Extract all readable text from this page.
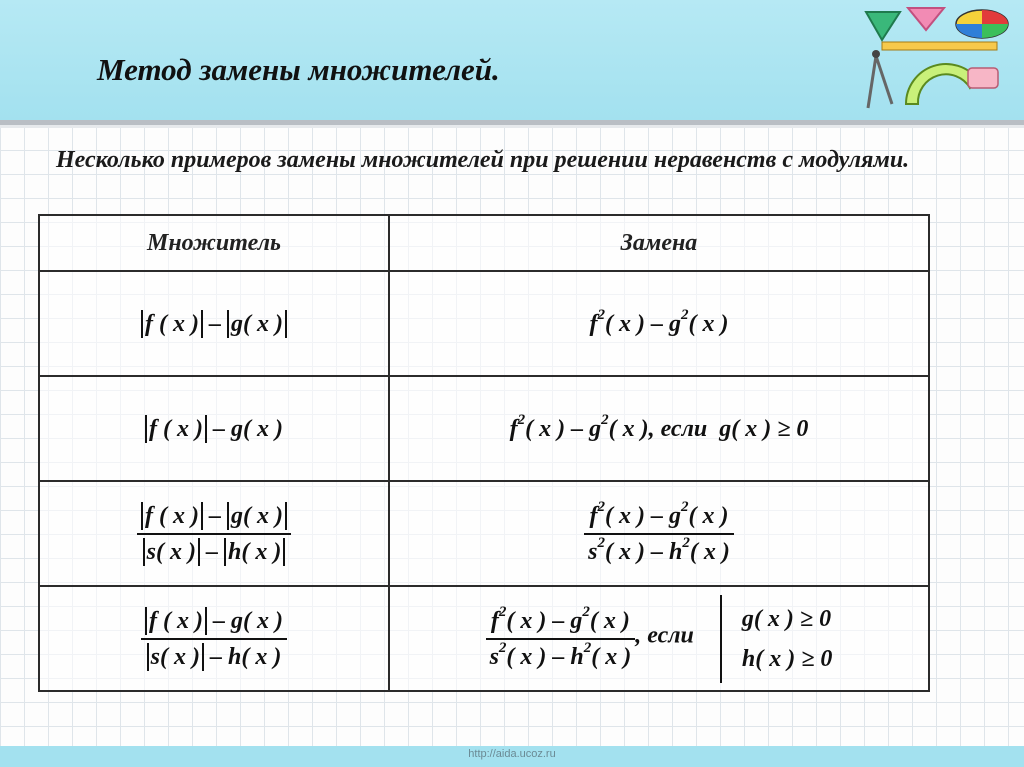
Метод замены множителей.

Несколько примеров замены множителей при решении неравенств с модулями.

Множитель	Замена
f ( x ) – g( x )	$f^2$( x ) – $g^2$( x )
f ( x ) – g( x )	$f^2$( x ) – $g^2$( x ), если g( x ) ≥ 0

$\frac{f ( x ) - g( x )}{s( x ) - h( x )}$	$\frac{f^2( x ) - g^2( x )}{s^2( x ) - h^2( x )}$

$\frac{f ( x ) - g( x )}{s( x ) - h( x )}$	$\frac{f^2( x ) - g^2( x )}{s^2( x ) - h^2( x )}$ , если
g( x ) ≥ 0
h( x ) ≥ 0
http://aida.ucoz.ru
